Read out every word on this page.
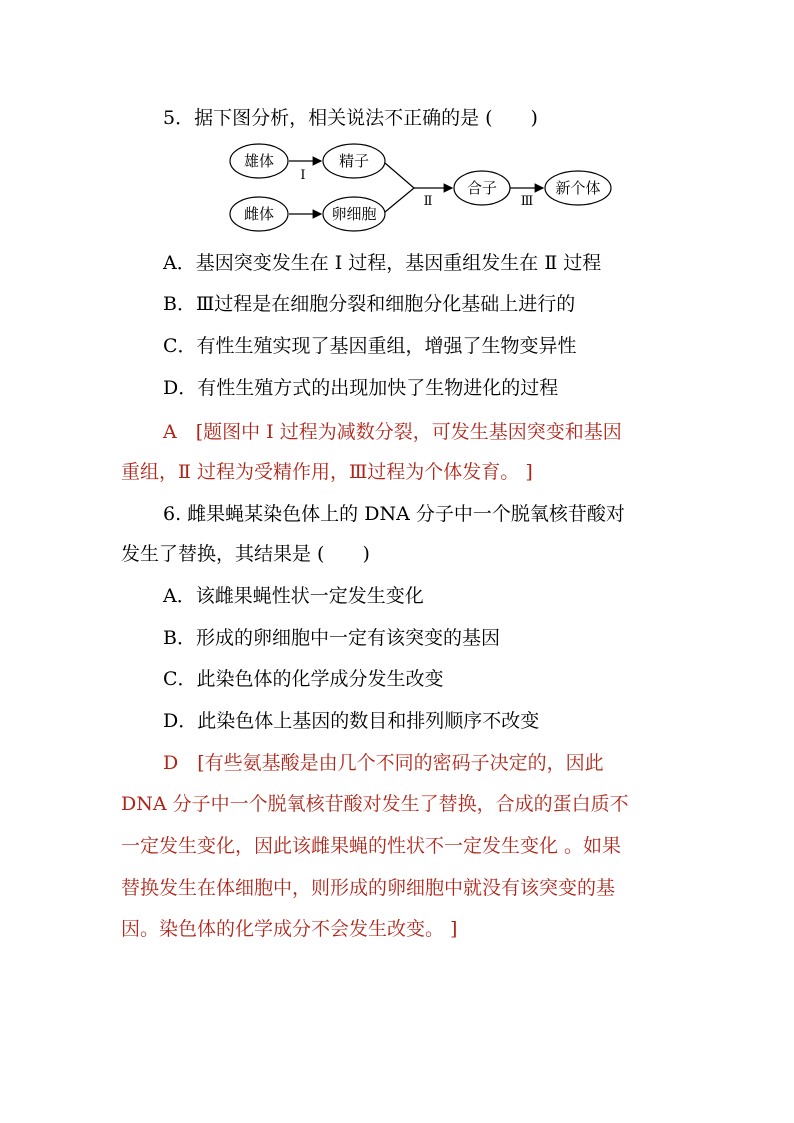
5．据下图分析，相关说法不正确的是 (　　)
雄体
雌体
精子
卵细胞
合子	新个体
Ⅰ
Ⅱ	Ⅲ
A．基因突变发生在 Ⅰ 过程，基因重组发生在 Ⅱ 过程
B．Ⅲ过程是在细胞分裂和细胞分化基础上进行的
C．有性生殖实现了基因重组，增强了生物变异性
D．有性生殖方式的出现加快了生物进化的过程
A　[题图中 Ⅰ 过程为减数分裂，可发生基因突变和基因
重组，Ⅱ 过程为受精作用，Ⅲ过程为个体发育。 ]
6. 雌果蝇某染色体上的 DNA 分子中一个脱氧核苷酸对
发生了替换，其结果是 (　　)
A．该雌果蝇性状一定发生变化
B．形成的卵细胞中一定有该突变的基因
C．此染色体的化学成分发生改变
D．此染色体上基因的数目和排列顺序不改变
D　[有些氨基酸是由几个不同的密码子决定的，因此
DNA 分子中一个脱氧核苷酸对发生了替换，合成的蛋白质不
一定发生变化，因此该雌果蝇的性状不一定发生变化 。如果
替换发生在体细胞中，则形成的卵细胞中就没有该突变的基
因。染色体的化学成分不会发生改变。 ]
